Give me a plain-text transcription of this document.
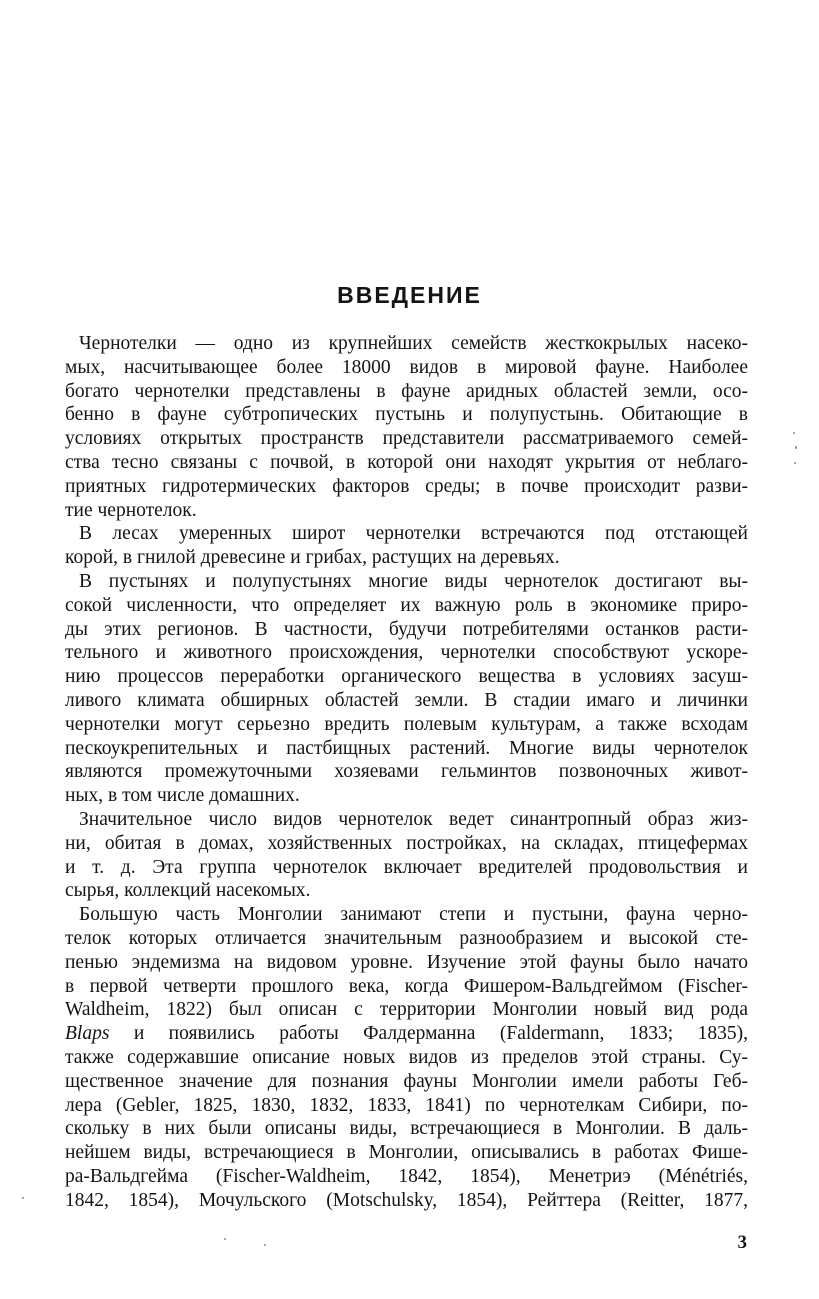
ВВЕДЕНИЕ
Чернотелки — одно из крупнейших семейств жесткокрылых насеко-
мых, насчитывающее более 18000 видов в мировой фауне. Наиболее
богато чернотелки представлены в фауне аридных областей земли, осо-
бенно в фауне субтропических пустынь и полупустынь. Обитающие в
условиях открытых пространств представители рассматриваемого семей-
ства тесно связаны с почвой, в которой они находят укрытия от неблаго-
приятных гидротермических факторов среды; в почве происходит разви-
тие чернотелок.
В лесах умеренных широт чернотелки встречаются под отстающей
корой, в гнилой древесине и грибах, растущих на деревьях.
В пустынях и полупустынях многие виды чернотелок достигают вы-
сокой численности, что определяет их важную роль в экономике приро-
ды этих регионов. В частности, будучи потребителями останков расти-
тельного и животного происхождения, чернотелки способствуют ускоре-
нию процессов переработки органического вещества в условиях засуш-
ливого климата обширных областей земли. В стадии имаго и личинки
чернотелки могут серьезно вредить полевым культурам, а также всходам
пескоукрепительных и пастбищных растений. Многие виды чернотелок
являются промежуточными хозяевами гельминтов позвоночных живот-
ных, в том числе домашних.
Значительное число видов чернотелок ведет синантропный образ жиз-
ни, обитая в домах, хозяйственных постройках, на складах, птицефермах
и т. д. Эта группа чернотелок включает вредителей продовольствия и
сырья, коллекций насекомых.
Большую часть Монголии занимают степи и пустыни, фауна черно-
телок которых отличается значительным разнообразием и высокой сте-
пенью эндемизма на видовом уровне. Изучение этой фауны было начато
в первой четверти прошлого века, когда Фишером-Вальдгеймом (Fischer-
Waldheim, 1822) был описан с территории Монголии новый вид рода
Blaps и появились работы Фалдерманна (Faldermann, 1833; 1835),
также содержавшие описание новых видов из пределов этой страны. Су-
щественное значение для познания фауны Монголии имели работы Геб-
лера (Gebler, 1825, 1830, 1832, 1833, 1841) по чернотелкам Сибири, по-
скольку в них были описаны виды, встречающиеся в Монголии. В даль-
нейшем виды, встречающиеся в Монголии, описывались в работах Фише-
ра-Вальдгейма (Fischer-Waldheim, 1842, 1854), Менетриэ (Ménétriés,
1842, 1854), Мочульского (Motschulsky, 1854), Рейттера (Reitter, 1877,
3
